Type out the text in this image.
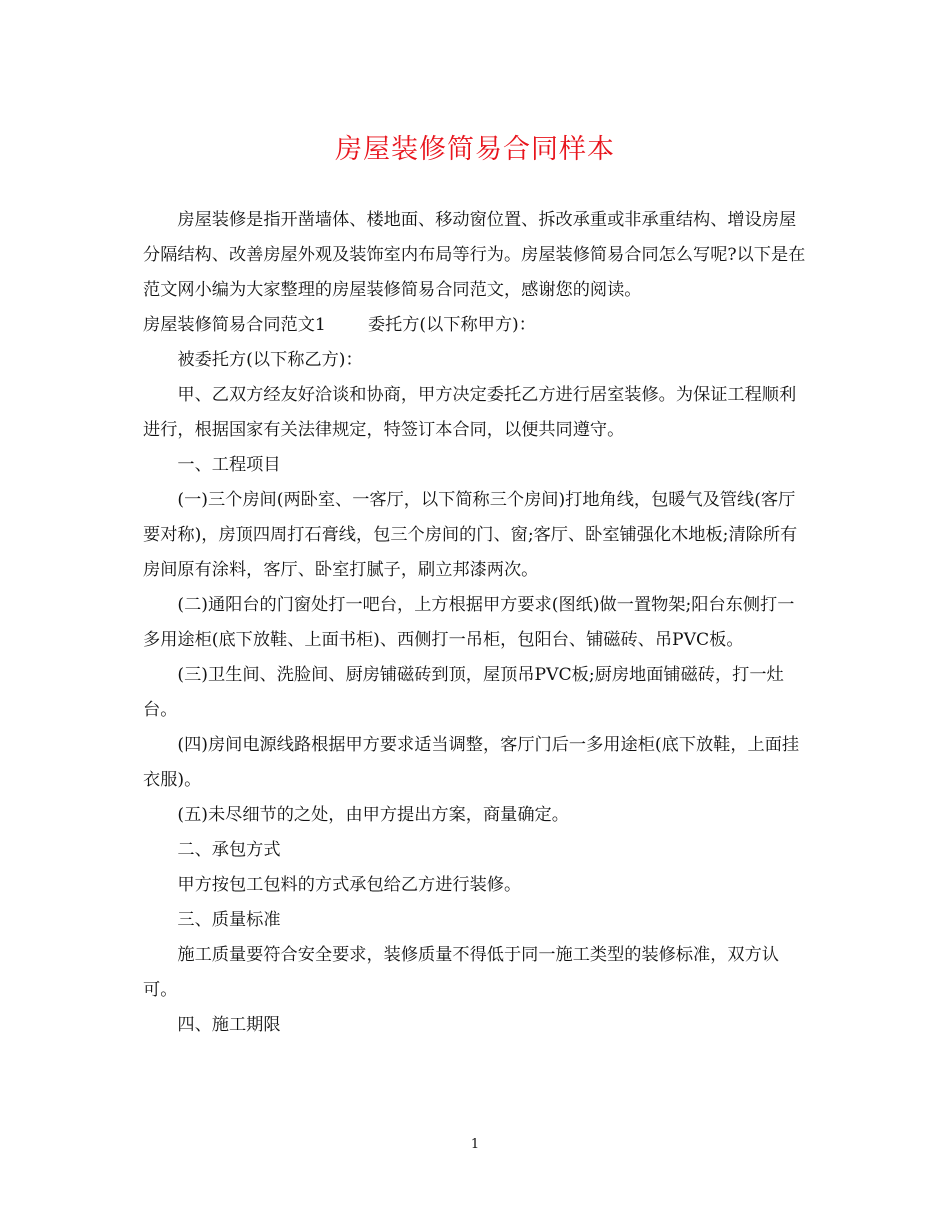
房屋装修简易合同样本

房屋装修是指开凿墙体、楼地面、移动窗位置、拆改承重或非承重结构、增设房屋分隔结构、改善房屋外观及装饰室内布局等行为。房屋装修简易合同怎么写呢?以下是在范文网小编为大家整理的房屋装修简易合同范文，感谢您的阅读。
房屋装修简易合同范文1 委托方(以下称甲方)：

被委托方(以下称乙方)：

甲、乙双方经友好洽谈和协商，甲方决定委托乙方进行居室装修。为保证工程顺利进行，根据国家有关法律规定，特签订本合同，以便共同遵守。

一、工程项目

(一)三个房间(两卧室、一客厅，以下简称三个房间)打地角线，包暖气及管线(客厅要对称)，房顶四周打石膏线，包三个房间的门、窗;客厅、卧室铺强化木地板;清除所有房间原有涂料，客厅、卧室打腻子，刷立邦漆两次。

(二)通阳台的门窗处打一吧台，上方根据甲方要求(图纸)做一置物架;阳台东侧打一多用途柜(底下放鞋、上面书柜)、西侧打一吊柜，包阳台、铺磁砖、吊PVC板。

(三)卫生间、洗脸间、厨房铺磁砖到顶，屋顶吊PVC板;厨房地面铺磁砖，打一灶台。

(四)房间电源线路根据甲方要求适当调整，客厅门后一多用途柜(底下放鞋，上面挂衣服)。

(五)未尽细节的之处，由甲方提出方案，商量确定。

二、承包方式

甲方按包工包料的方式承包给乙方进行装修。

三、质量标准

施工质量要符合安全要求，装修质量不得低于同一施工类型的装修标准，双方认可。

四、施工期限

1
